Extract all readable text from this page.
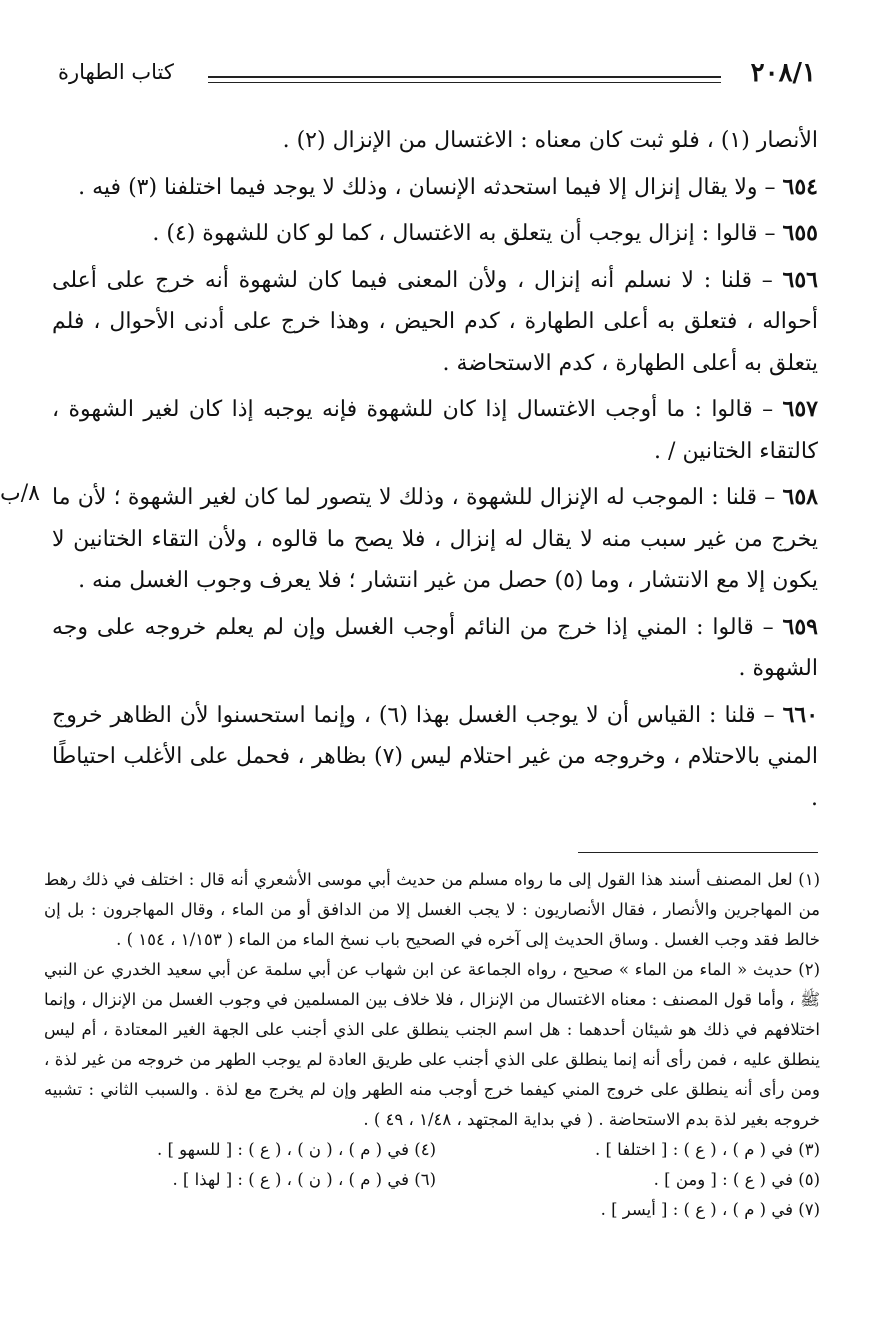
كتاب الطهارة	٢٠٨/١
٨/ب

الأنصار (١) ، فلو ثبت كان معناه : الاغتسال من الإنزال (٢) .

٦٥٤ – ولا يقال إنزال إلا فيما استحدثه الإنسان ، وذلك لا يوجد فيما اختلفنا (٣) فيه .

٦٥٥ – قالوا : إنزال يوجب أن يتعلق به الاغتسال ، كما لو كان للشهوة (٤) .

٦٥٦ – قلنا : لا نسلم أنه إنزال ، ولأن المعنى فيما كان لشهوة أنه خرج على أعلى أحواله ، فتعلق به أعلى الطهارة ، كدم الحيض ، وهذا خرج على أدنى الأحوال ، فلم يتعلق به أعلى الطهارة ، كدم الاستحاضة .

٦٥٧ – قالوا : ما أوجب الاغتسال إذا كان للشهوة فإنه يوجبه إذا كان لغير الشهوة ، كالتقاء الختانين / .

٦٥٨ – قلنا : الموجب له الإنزال للشهوة ، وذلك لا يتصور لما كان لغير الشهوة ؛ لأن ما يخرج من غير سبب منه لا يقال له إنزال ، فلا يصح ما قالوه ، ولأن التقاء الختانين لا يكون إلا مع الانتشار ، وما (٥) حصل من غير انتشار ؛ فلا يعرف وجوب الغسل منه .

٦٥٩ – قالوا : المني إذا خرج من النائم أوجب الغسل وإن لم يعلم خروجه على وجه الشهوة .

٦٦٠ – قلنا : القياس أن لا يوجب الغسل بهذا (٦) ، وإنما استحسنوا لأن الظاهر خروج المني بالاحتلام ، وخروجه من غير احتلام ليس (٧) بظاهر ، فحمل على الأغلب احتياطًا .

(١) لعل المصنف أسند هذا القول إلى ما رواه مسلم من حديث أبي موسى الأشعري أنه قال : اختلف في ذلك رهط من المهاجرين والأنصار ، فقال الأنصاريون : لا يجب الغسل إلا من الدافق أو من الماء ، وقال المهاجرون : بل إن خالط فقد وجب الغسل . وساق الحديث إلى آخره في الصحيح باب نسخ الماء من الماء ( ١/١٥٣ ، ١٥٤ ) .

(٢) حديث « الماء من الماء » صحيح ، رواه الجماعة عن ابن شهاب عن أبي سلمة عن أبي سعيد الخدري عن النبي ﷺ ، وأما قول المصنف : معناه الاغتسال من الإنزال ، فلا خلاف بين المسلمين في وجوب الغسل من الإنزال ، وإنما اختلافهم في ذلك هو شيئان أحدهما : هل اسم الجنب ينطلق على الذي أجنب على الجهة الغير المعتادة ، أم ليس ينطلق عليه ، فمن رأى أنه إنما ينطلق على الذي أجنب على طريق العادة لم يوجب الطهر من خروجه من غير لذة ، ومن رأى أنه ينطلق على خروج المني كيفما خرج أوجب منه الطهر وإن لم يخرج مع لذة . والسبب الثاني : تشبيه خروجه بغير لذة بدم الاستحاضة . ( في بداية المجتهد ، ١/٤٨ ، ٤٩ ) .

(٣) في ( م ) ، ( ع ) : [ اختلفا ] .
(٤) في ( م ) ، ( ن ) ، ( ع ) : [ للسهو ] .
(٥) في ( ع ) : [ ومن ] .
(٦) في ( م ) ، ( ن ) ، ( ع ) : [ لهذا ] .
(٧) في ( م ) ، ( ع ) : [ أيسر ] .
